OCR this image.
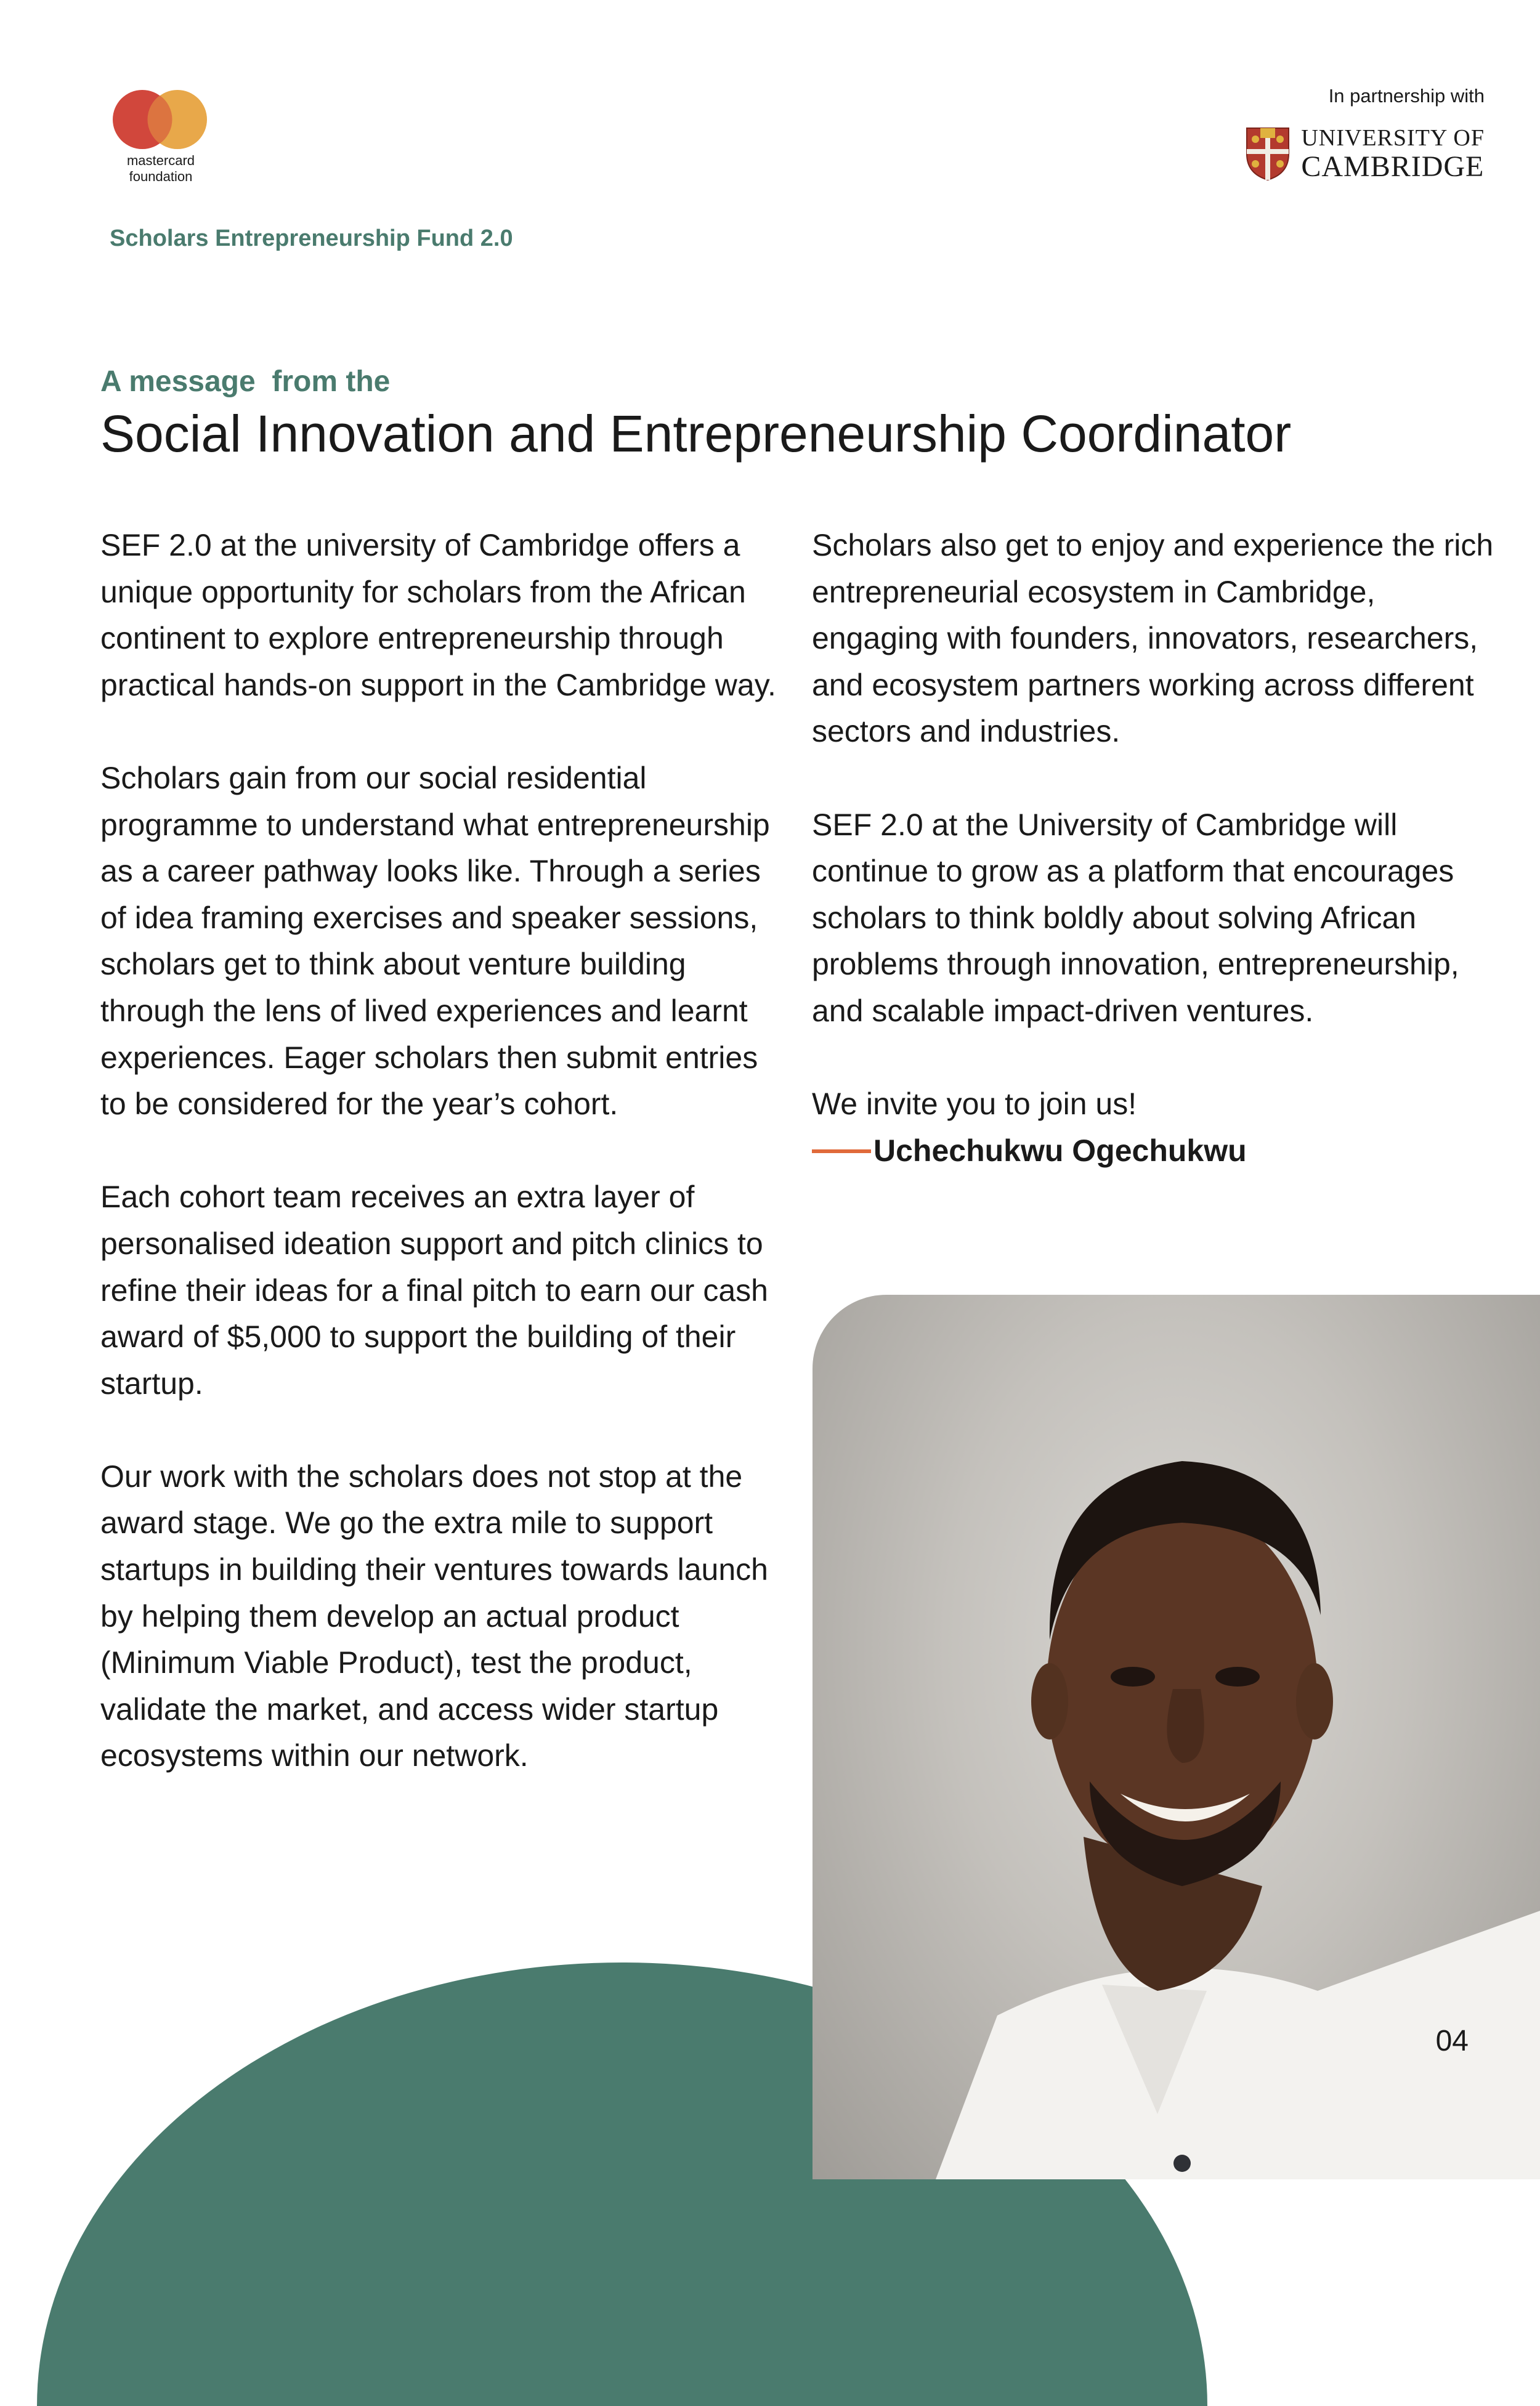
mastercard
foundation
Scholars Entrepreneurship Fund 2.0
In partnership with
UNIVERSITY OF
CAMBRIDGE
A message  from the
Social Innovation and Entrepreneurship Coordinator

SEF 2.0 at the university of Cambridge offers a unique opportunity for scholars from the African continent to explore entrepreneurship through practical hands-on support in the Cambridge way.

Scholars gain from our social residential programme to understand what entrepreneurship as a career pathway looks like. Through a series of idea framing exercises and speaker sessions, scholars get to think about venture building through the lens of lived experiences and learnt experiences. Eager scholars then submit entries to be considered for the year’s cohort.

Each cohort team receives an extra layer of personalised ideation support and pitch clinics to refine their ideas for a final pitch to earn our cash award of $5,000 to support the building of their startup.

Our work with the scholars does not stop at the award stage. We go the extra mile to support startups in building their ventures towards launch by helping them develop an actual product (Minimum Viable Product), test the product, validate the market, and access wider startup ecosystems within our network.

Scholars also get to enjoy and experience the rich entrepreneurial ecosystem in Cambridge, engaging with founders, innovators, researchers, and ecosystem partners working across different sectors and industries.

SEF 2.0 at the University of Cambridge will continue to grow as a platform that encourages scholars to think boldly about solving African problems through innovation, entrepreneurship, and scalable impact-driven ventures.

We invite you to join us!

Uchechukwu Ogechukwu
04
